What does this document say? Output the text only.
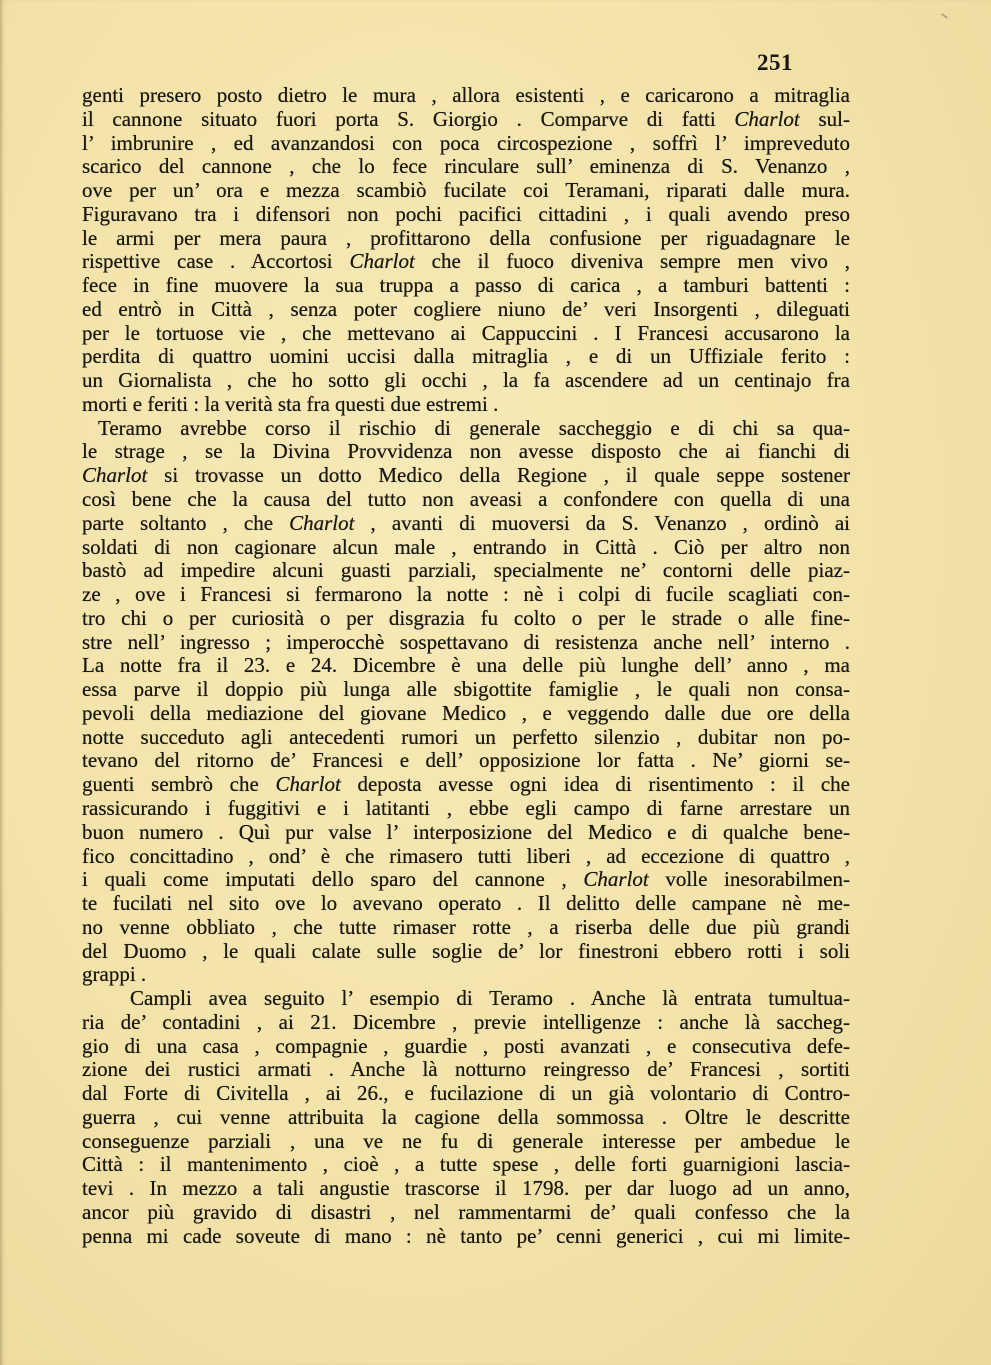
251
genti presero posto dietro le mura , allora esistenti , e caricarono a mitraglia
il cannone situato fuori porta S. Giorgio . Comparve di fatti Charlot sul-
l’ imbrunire , ed avanzandosi con poca circospezione , soffrì l’ impreveduto
scarico del cannone , che lo fece rinculare sull’ eminenza di S. Venanzo ,
ove per un’ ora e mezza scambiò fucilate coi Teramani, riparati dalle mura.
Figuravano tra i difensori non pochi pacifici cittadini , i quali avendo preso
le armi per mera paura , profittarono della confusione per riguadagnare le
rispettive case . Accortosi Charlot che il fuoco diveniva sempre men vivo ,
fece in fine muovere la sua truppa a passo di carica , a tamburi battenti :
ed entrò in Città , senza poter cogliere niuno de’ veri Insorgenti , dileguati
per le tortuose vie , che mettevano ai Cappuccini . I Francesi accusarono la
perdita di quattro uomini uccisi dalla mitraglia , e di un Uffiziale ferito :
un Giornalista , che ho sotto gli occhi , la fa ascendere ad un centinajo fra
morti e feriti : la verità sta fra questi due estremi .
Teramo avrebbe corso il rischio di generale saccheggio e di chi sa qua-
le strage , se la Divina Provvidenza non avesse disposto che ai fianchi di
Charlot si trovasse un dotto Medico della Regione , il quale seppe sostener
così bene che la causa del tutto non aveasi a confondere con quella di una
parte soltanto , che Charlot , avanti di muoversi da S. Venanzo , ordinò ai
soldati di non cagionare alcun male , entrando in Città . Ciò per altro non
bastò ad impedire alcuni guasti parziali, specialmente ne’ contorni delle piaz-
ze , ove i Francesi si fermarono la notte : nè i colpi di fucile scagliati con-
tro chi o per curiosità o per disgrazia fu colto o per le strade o alle fine-
stre nell’ ingresso ; imperocchè sospettavano di resistenza anche nell’ interno .
La notte fra il 23. e 24. Dicembre è una delle più lunghe dell’ anno , ma
essa parve il doppio più lunga alle sbigottite famiglie , le quali non consa-
pevoli della mediazione del giovane Medico , e veggendo dalle due ore della
notte succeduto agli antecedenti rumori un perfetto silenzio , dubitar non po-
tevano del ritorno de’ Francesi e dell’ opposizione lor fatta . Ne’ giorni se-
guenti sembrò che Charlot deposta avesse ogni idea di risentimento : il che
rassicurando i fuggitivi e i latitanti , ebbe egli campo di farne arrestare un
buon numero . Quì pur valse l’ interposizione del Medico e di qualche bene-
fico concittadino , ond’ è che rimasero tutti liberi , ad eccezione di quattro ,
i quali come imputati dello sparo del cannone , Charlot volle inesorabilmen-
te fucilati nel sito ove lo avevano operato . Il delitto delle campane nè me-
no venne obbliato , che tutte rimaser rotte , a riserba delle due più grandi
del Duomo , le quali calate sulle soglie de’ lor finestroni ebbero rotti i soli
grappi .
Campli avea seguito l’ esempio di Teramo . Anche là entrata tumultua-
ria de’ contadini , ai 21. Dicembre , previe intelligenze : anche là saccheg-
gio di una casa , compagnie , guardie , posti avanzati , e consecutiva defe-
zione dei rustici armati . Anche là notturno reingresso de’ Francesi , sortiti
dal Forte di Civitella , ai 26., e fucilazione di un già volontario di Contro-
guerra , cui venne attribuita la cagione della sommossa . Oltre le descritte
conseguenze parziali , una ve ne fu di generale interesse per ambedue le
Città : il mantenimento , cioè , a tutte spese , delle forti guarnigioni lascia-
tevi . In mezzo a tali angustie trascorse il 1798. per dar luogo ad un anno,
ancor più gravido di disastri , nel rammentarmi de’ quali confesso che la
penna mi cade soveute di mano : nè tanto pe’ cenni generici , cui mi limite-
